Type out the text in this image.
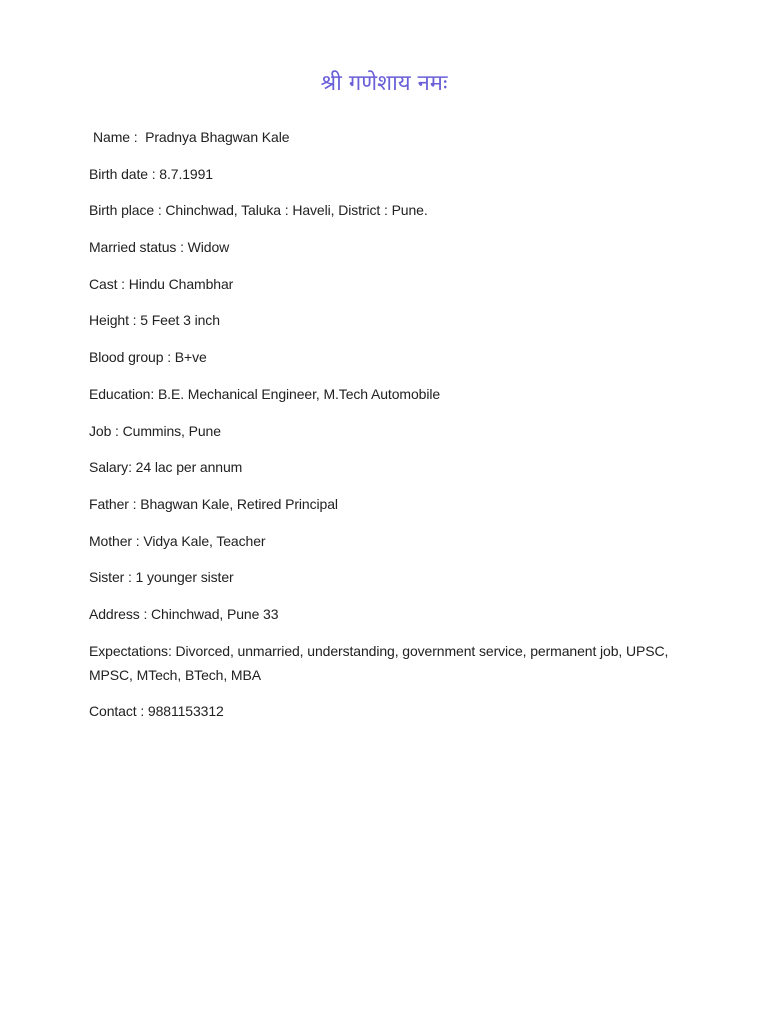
श्री गणेशाय नमः
Name :  Pradnya Bhagwan Kale
Birth date : 8.7.1991
Birth place : Chinchwad, Taluka : Haveli, District : Pune.
Married status : Widow
Cast : Hindu Chambhar
Height : 5 Feet 3 inch
Blood group : B+ve
Education: B.E. Mechanical Engineer, M.Tech Automobile
Job : Cummins, Pune
Salary: 24 lac per annum
Father : Bhagwan Kale, Retired Principal
Mother : Vidya Kale, Teacher
Sister : 1 younger sister
Address : Chinchwad, Pune 33
Expectations: Divorced, unmarried, understanding, government service, permanent job, UPSC, MPSC, MTech, BTech, MBA
Contact : 9881153312
